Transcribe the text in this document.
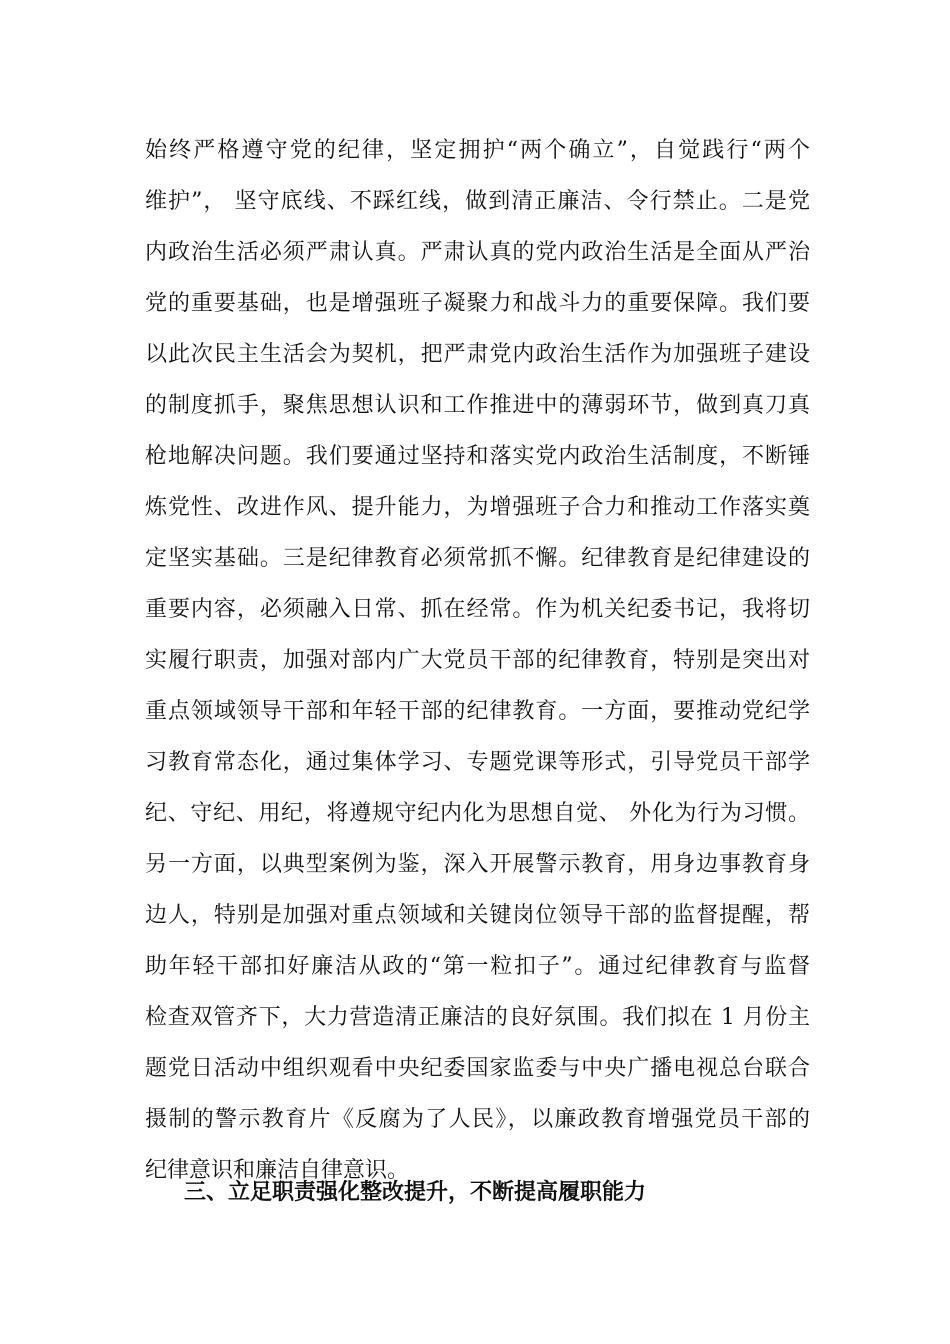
始终严格遵守党的纪律，坚定拥护“两个确立”，自觉践行“两个
维护”， 坚守底线、不踩红线，做到清正廉洁、令行禁止。二是党
内政治生活必须严肃认真。严肃认真的党内政治生活是全面从严治
党的重要基础，也是增强班子凝聚力和战斗力的重要保障。我们要
以此次民主生活会为契机，把严肃党内政治生活作为加强班子建设
的制度抓手，聚焦思想认识和工作推进中的薄弱环节，做到真刀真
枪地解决问题。我们要通过坚持和落实党内政治生活制度，不断锤
炼党性、改进作风、提升能力，为增强班子合力和推动工作落实奠
定坚实基础。三是纪律教育必须常抓不懈。纪律教育是纪律建设的
重要内容，必须融入日常、抓在经常。作为机关纪委书记，我将切
实履行职责，加强对部内广大党员干部的纪律教育，特别是突出对
重点领域领导干部和年轻干部的纪律教育。一方面，要推动党纪学
习教育常态化，通过集体学习、专题党课等形式，引导党员干部学
纪、守纪、用纪，将遵规守纪内化为思想自觉、 外化为行为习惯。
另一方面，以典型案例为鉴，深入开展警示教育，用身边事教育身
边人，特别是加强对重点领域和关键岗位领导干部的监督提醒，帮
助年轻干部扣好廉洁从政的“第一粒扣子”。通过纪律教育与监督
检查双管齐下，大力营造清正廉洁的良好氛围。我们拟在 1 月份主
题党日活动中组织观看中央纪委国家监委与中央广播电视总台联合
摄制的警示教育片《反腐为了人民》，以廉政教育增强党员干部的
纪律意识和廉洁自律意识。
三、立足职责强化整改提升，不断提高履职能力
